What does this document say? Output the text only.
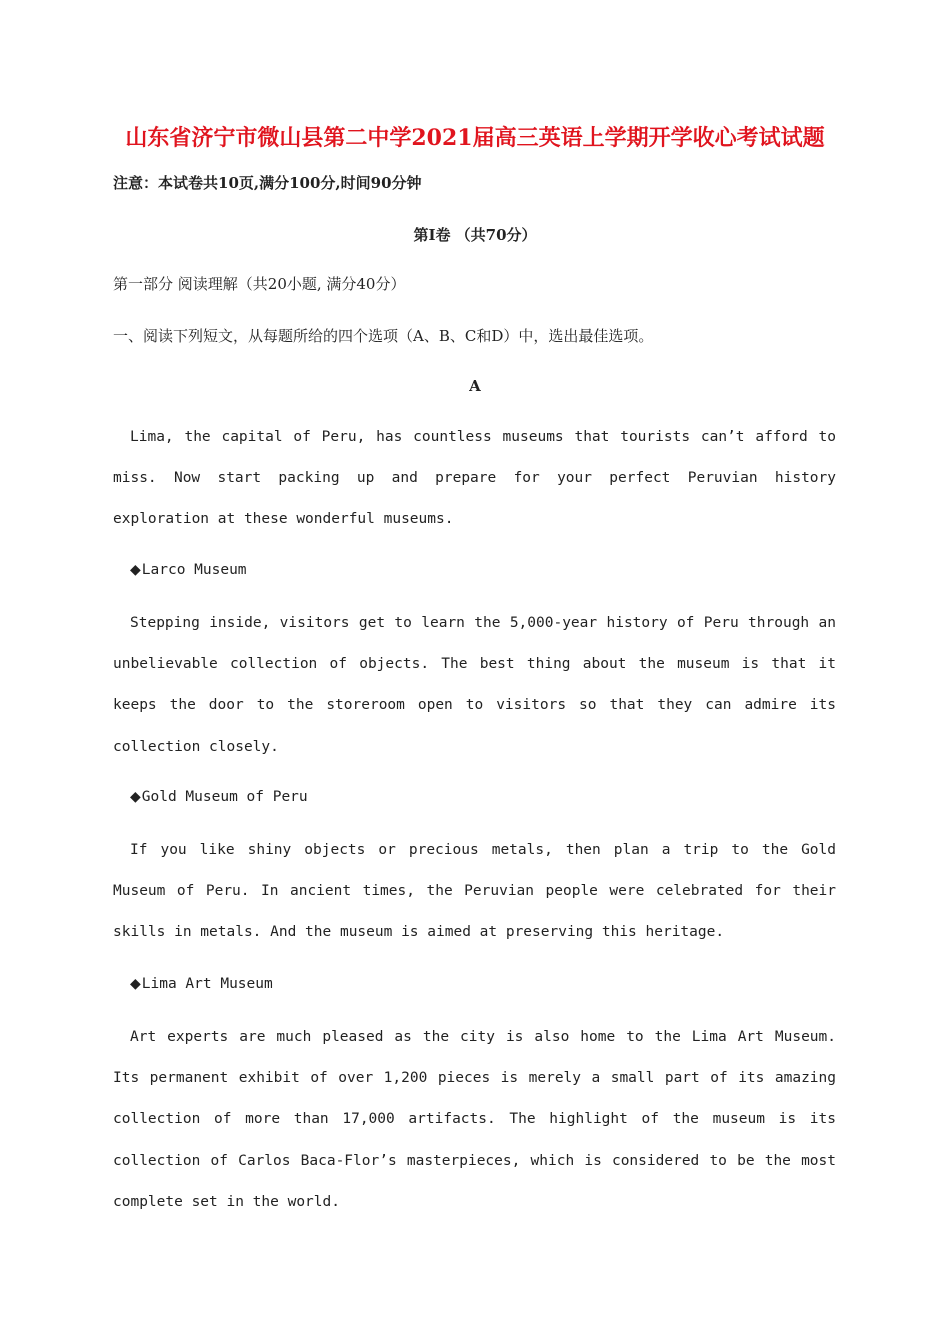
山东省济宁市微山县第二中学2021届高三英语上学期开学收心考试试题
注意：本试卷共10页,满分100分,时间90分钟
第Ⅰ卷 （共70分）
第一部分 阅读理解（共20小题, 满分40分）
一、阅读下列短文，从每题所给的四个选项（A、B、C和D）中，选出最佳选项。
A

Lima, the capital of Peru, has countless museums that tourists can’t afford to miss. Now start packing up and prepare for your perfect Peruvian history exploration at these wonderful museums.

◆Larco Museum

Stepping inside, visitors get to learn the 5,000-year history of Peru through an unbelievable collection of objects. The best thing about the museum is that it keeps the door to the storeroom open to visitors so that they can admire its collection closely.

◆Gold Museum of Peru

If you like shiny objects or precious metals, then plan a trip to the Gold Museum of Peru. In ancient times, the Peruvian people were celebrated for their skills in metals. And the museum is aimed at preserving this heritage.

◆Lima Art Museum

Art experts are much pleased as the city is also home to the Lima Art Museum. Its permanent exhibit of over 1,200 pieces is merely a small part of its amazing collection of more than 17,000 artifacts. The highlight of the museum is its collection of Carlos Baca-Flor’s masterpieces, which is considered to be the most complete set in the world.
